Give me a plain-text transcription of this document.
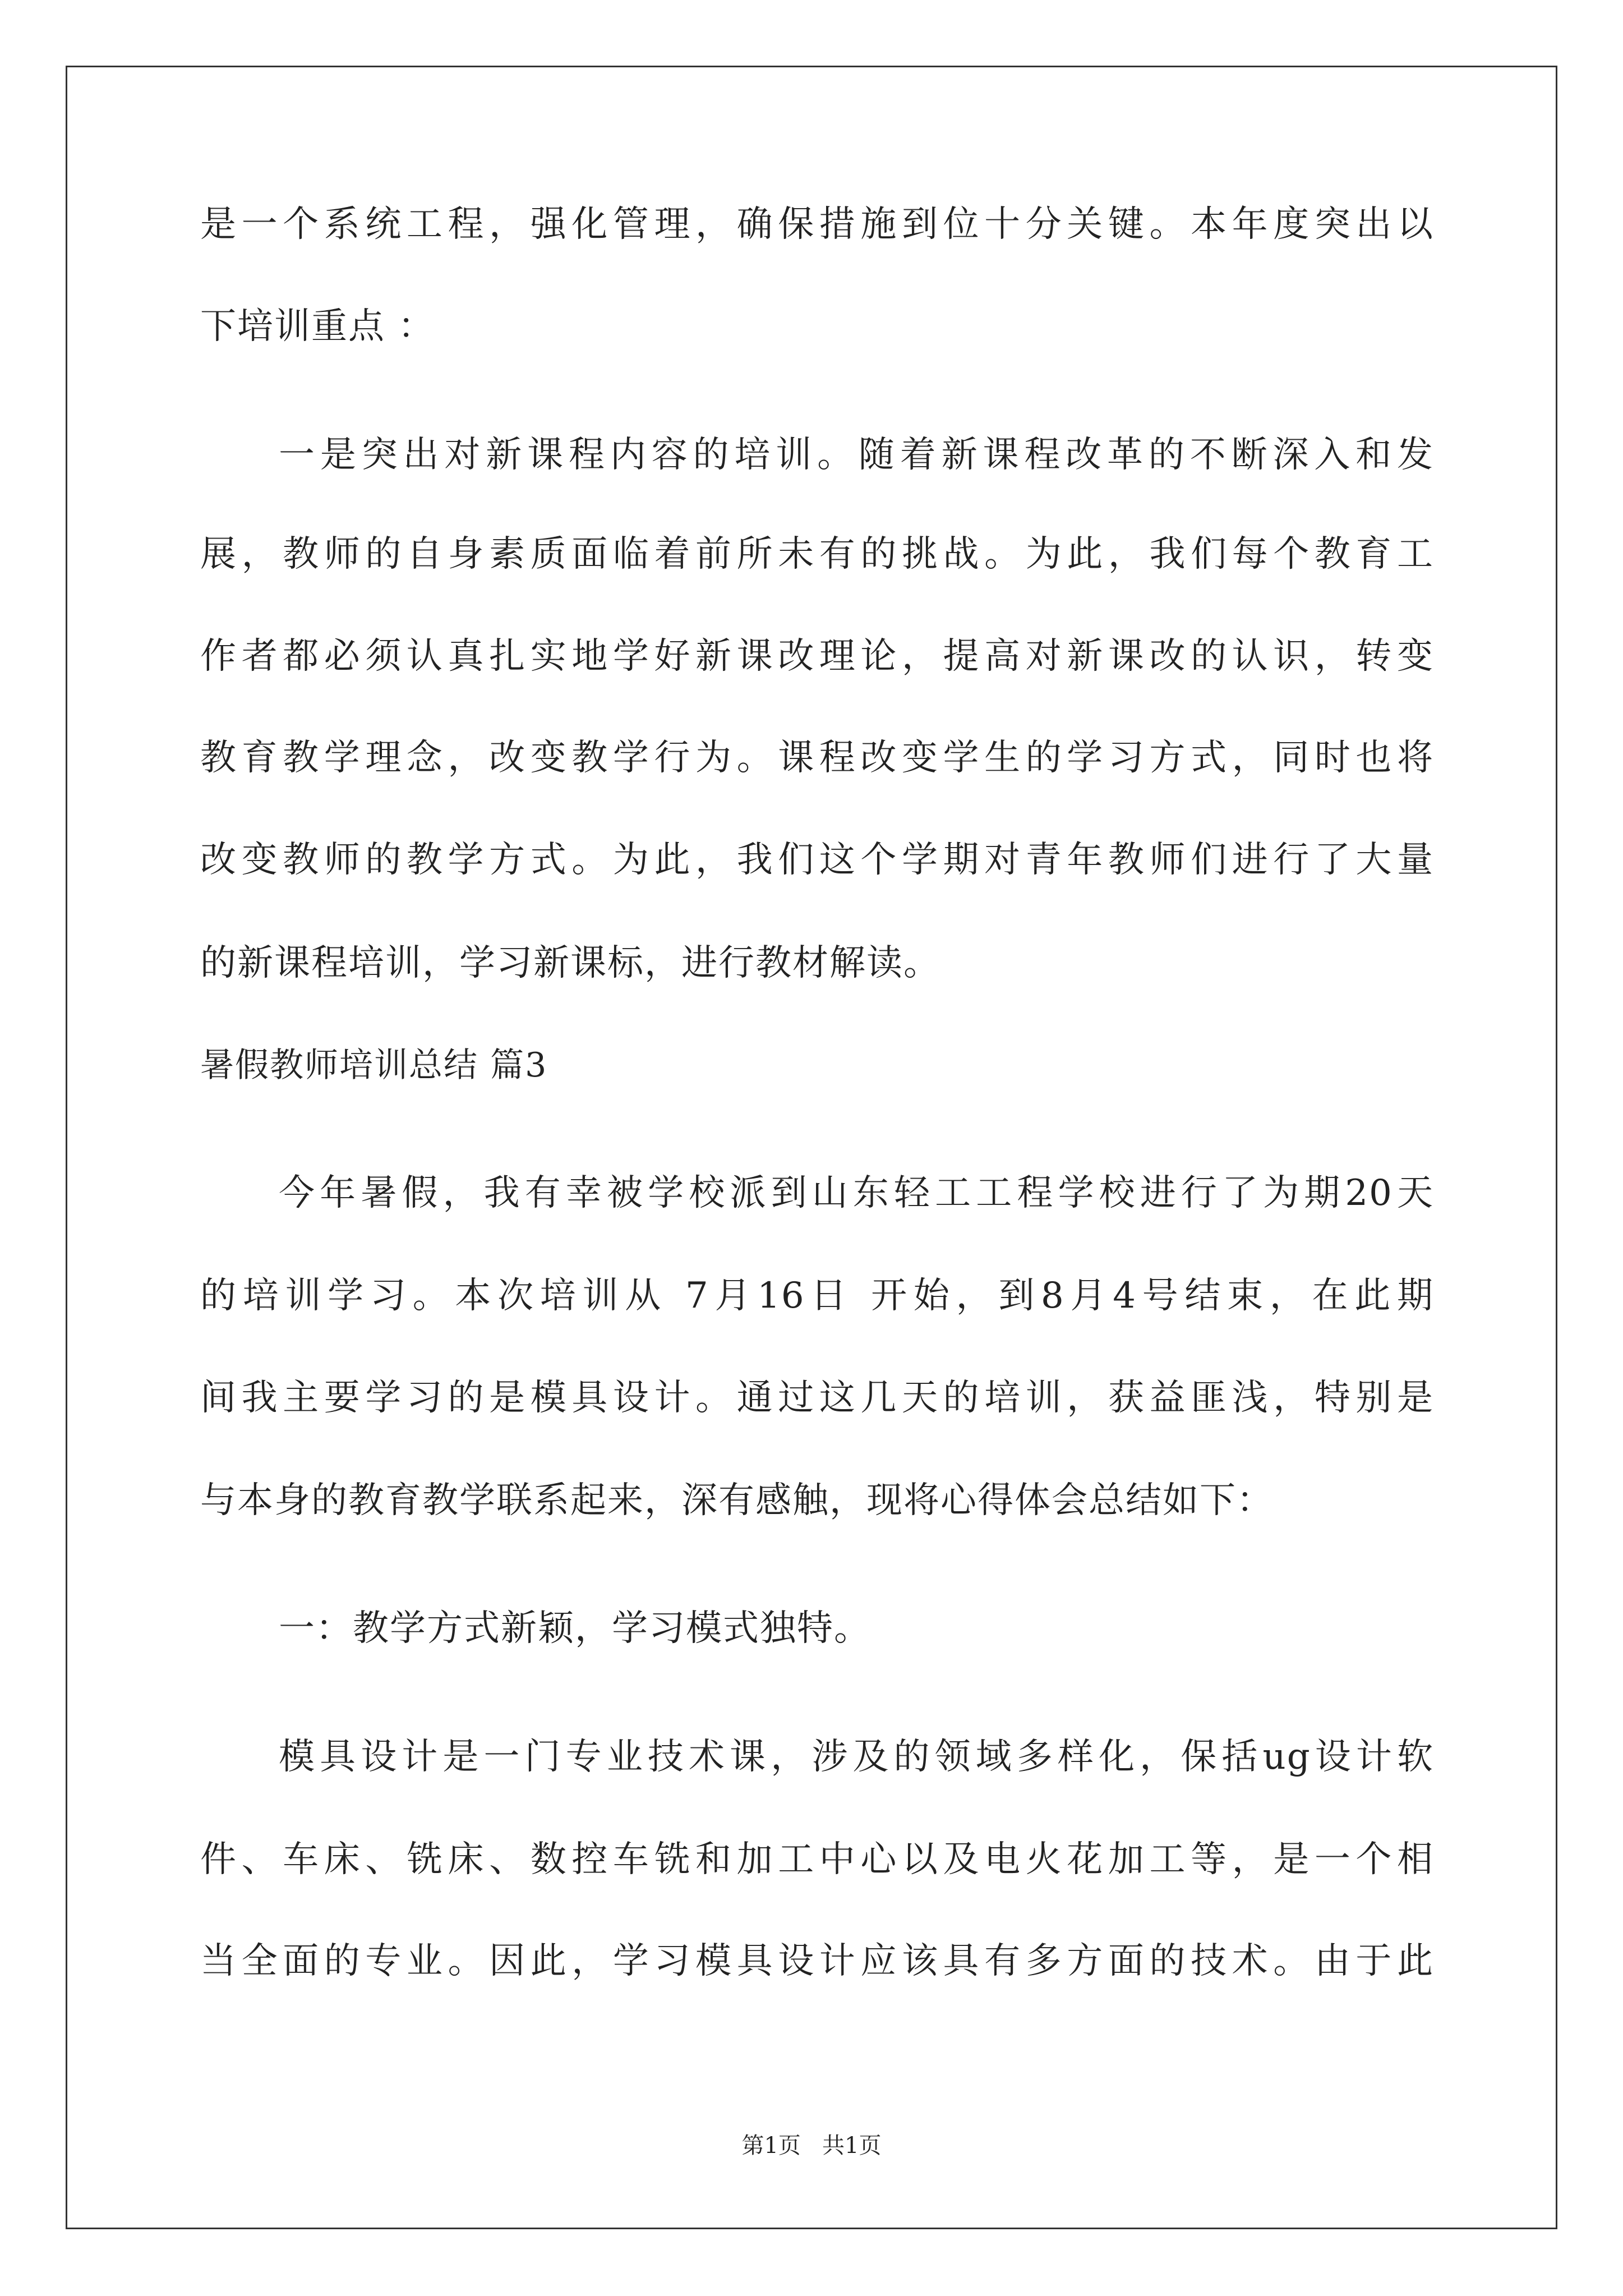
是一个系统工程，强化管理，确保措施到位十分关键。本年度突出以
下培训重点 ：
一是突出对新课程内容的培训。随着新课程改革的不断深入和发
展，教师的自身素质面临着前所未有的挑战。为此，我们每个教育工
作者都必须认真扎实地学好新课改理论，提高对新课改的认识，转变
教育教学理念，改变教学行为。课程改变学生的学习方式，同时也将
改变教师的教学方式。为此，我们这个学期对青年教师们进行了大量
的新课程培训，学习新课标，进行教材解读。
暑假教师培训总结 篇3
今年暑假，我有幸被学校派到山东轻工工程学校进行了为期20天
的培训学习。本次培训从 7月16日 开始，到8月4号结束，在此期
间我主要学习的是模具设计。通过这几天的培训，获益匪浅，特别是
与本身的教育教学联系起来，深有感触，现将心得体会总结如下：
一：教学方式新颖，学习模式独特。
模具设计是一门专业技术课，涉及的领域多样化，保括ug设计软
件、车床、铣床、数控车铣和加工中心以及电火花加工等，是一个相
当全面的专业。因此，学习模具设计应该具有多方面的技术。由于此
第1页   共1页
